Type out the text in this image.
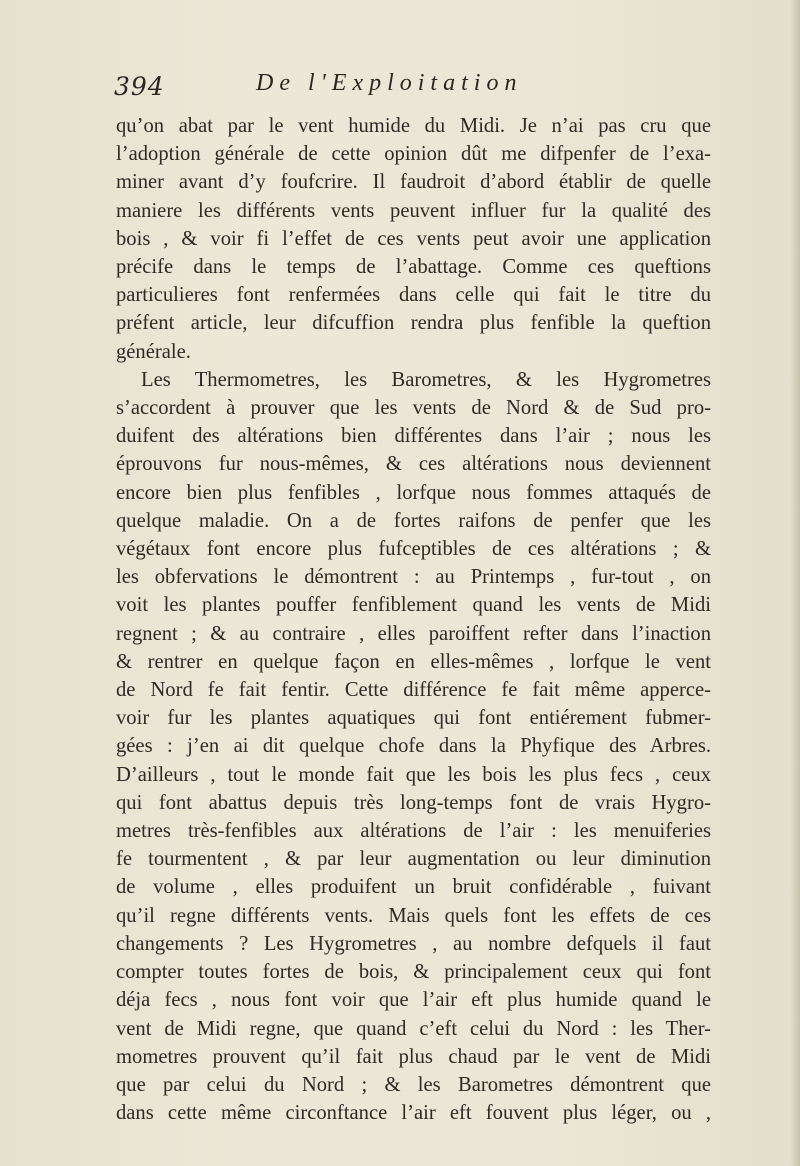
394	De l'Exploitation
qu’on abat par le vent humide du Midi. Je n’ai pas cru que
l’adoption générale de cette opinion dût me difpenfer de l’exa-
miner avant d’y foufcrire. Il faudroit d’abord établir de quelle
maniere les différents vents peuvent influer fur la qualité des
bois , & voir fi l’effet de ces vents peut avoir une application
précife dans le temps de l’abattage. Comme ces queftions
particulieres font renfermées dans celle qui fait le titre du
préfent article, leur difcuffion rendra plus fenfible la queftion
générale.
Les Thermometres, les Barometres, & les Hygrometres
s’accordent à prouver que les vents de Nord & de Sud pro-
duifent des altérations bien différentes dans l’air ; nous les
éprouvons fur nous-mêmes, & ces altérations nous deviennent
encore bien plus fenfibles , lorfque nous fommes attaqués de
quelque maladie. On a de fortes raifons de penfer que les
végétaux font encore plus fufceptibles de ces altérations ; &
les obfervations le démontrent : au Printemps , fur-tout , on
voit les plantes pouffer fenfiblement quand les vents de Midi
regnent ; & au contraire , elles paroiffent refter dans l’inaction
& rentrer en quelque façon en elles-mêmes , lorfque le vent
de Nord fe fait fentir. Cette différence fe fait même apperce-
voir fur les plantes aquatiques qui font entiérement fubmer-
gées : j’en ai dit quelque chofe dans la Phyfique des Arbres.
D’ailleurs , tout le monde fait que les bois les plus fecs , ceux
qui font abattus depuis très long-temps font de vrais Hygro-
metres très-fenfibles aux altérations de l’air : les menuiferies
fe tourmentent , & par leur augmentation ou leur diminution
de volume , elles produifent un bruit confidérable , fuivant
qu’il regne différents vents. Mais quels font les effets de ces
changements ? Les Hygrometres , au nombre defquels il faut
compter toutes fortes de bois, & principalement ceux qui font
déja fecs , nous font voir que l’air eft plus humide quand le
vent de Midi regne, que quand c’eft celui du Nord : les Ther-
mometres prouvent qu’il fait plus chaud par le vent de Midi
que par celui du Nord ; & les Barometres démontrent que
dans cette même circonftance l’air eft fouvent plus léger, ou ,
